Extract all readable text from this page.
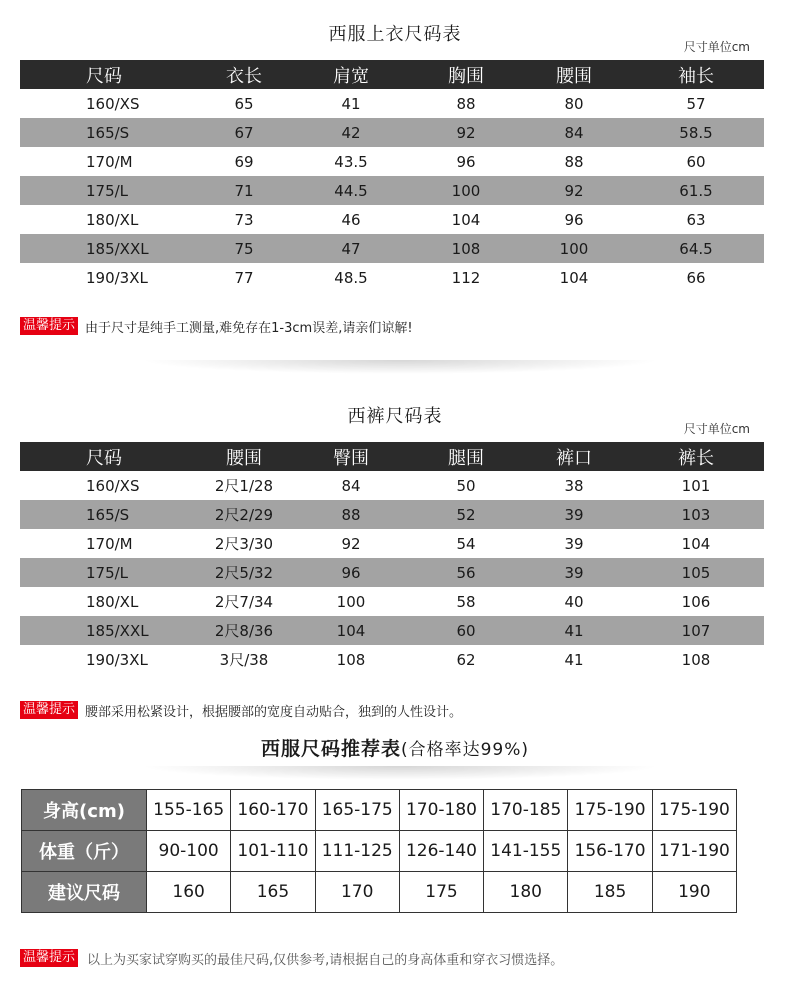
西服上衣尺码表
尺寸单位cm
尺码	衣长	肩宽	胸围	腰围	袖长
160/XS	65	41	88	80	57
165/S	67	42	92	84	58.5
170/M	69	43.5	96	88	60
175/L	71	44.5	100	92	61.5
180/XL	73	46	104	96	63
185/XXL	75	47	108	100	64.5
190/3XL	77	48.5	112	104	66
温馨提示 由于尺寸是纯手工测量,难免存在1-3cm误差,请亲们谅解!
西裤尺码表
尺寸单位cm
尺码	腰围	臀围	腿围	裤口	裤长
160/XS	2尺1/28	84	50	38	101
165/S	2尺2/29	88	52	39	103
170/M	2尺3/30	92	54	39	104
175/L	2尺5/32	96	56	39	105
180/XL	2尺7/34	100	58	40	106
185/XXL	2尺8/36	104	60	41	107
190/3XL	3尺/38	108	62	41	108
温馨提示 腰部采用松紧设计，根据腰部的宽度自动贴合，独到的人性设计。
西服尺码推荐表(合格率达99%)
身高(cm)	155-165	160-170	165-175	170-180	170-185	175-190	175-190
体重（斤）	90-100	101-110	111-125	126-140	141-155	156-170	171-190
建议尺码	160	165	170	175	180	185	190
温馨提示 以上为买家试穿购买的最佳尺码,仅供参考,请根据自己的身高体重和穿衣习惯选择。
